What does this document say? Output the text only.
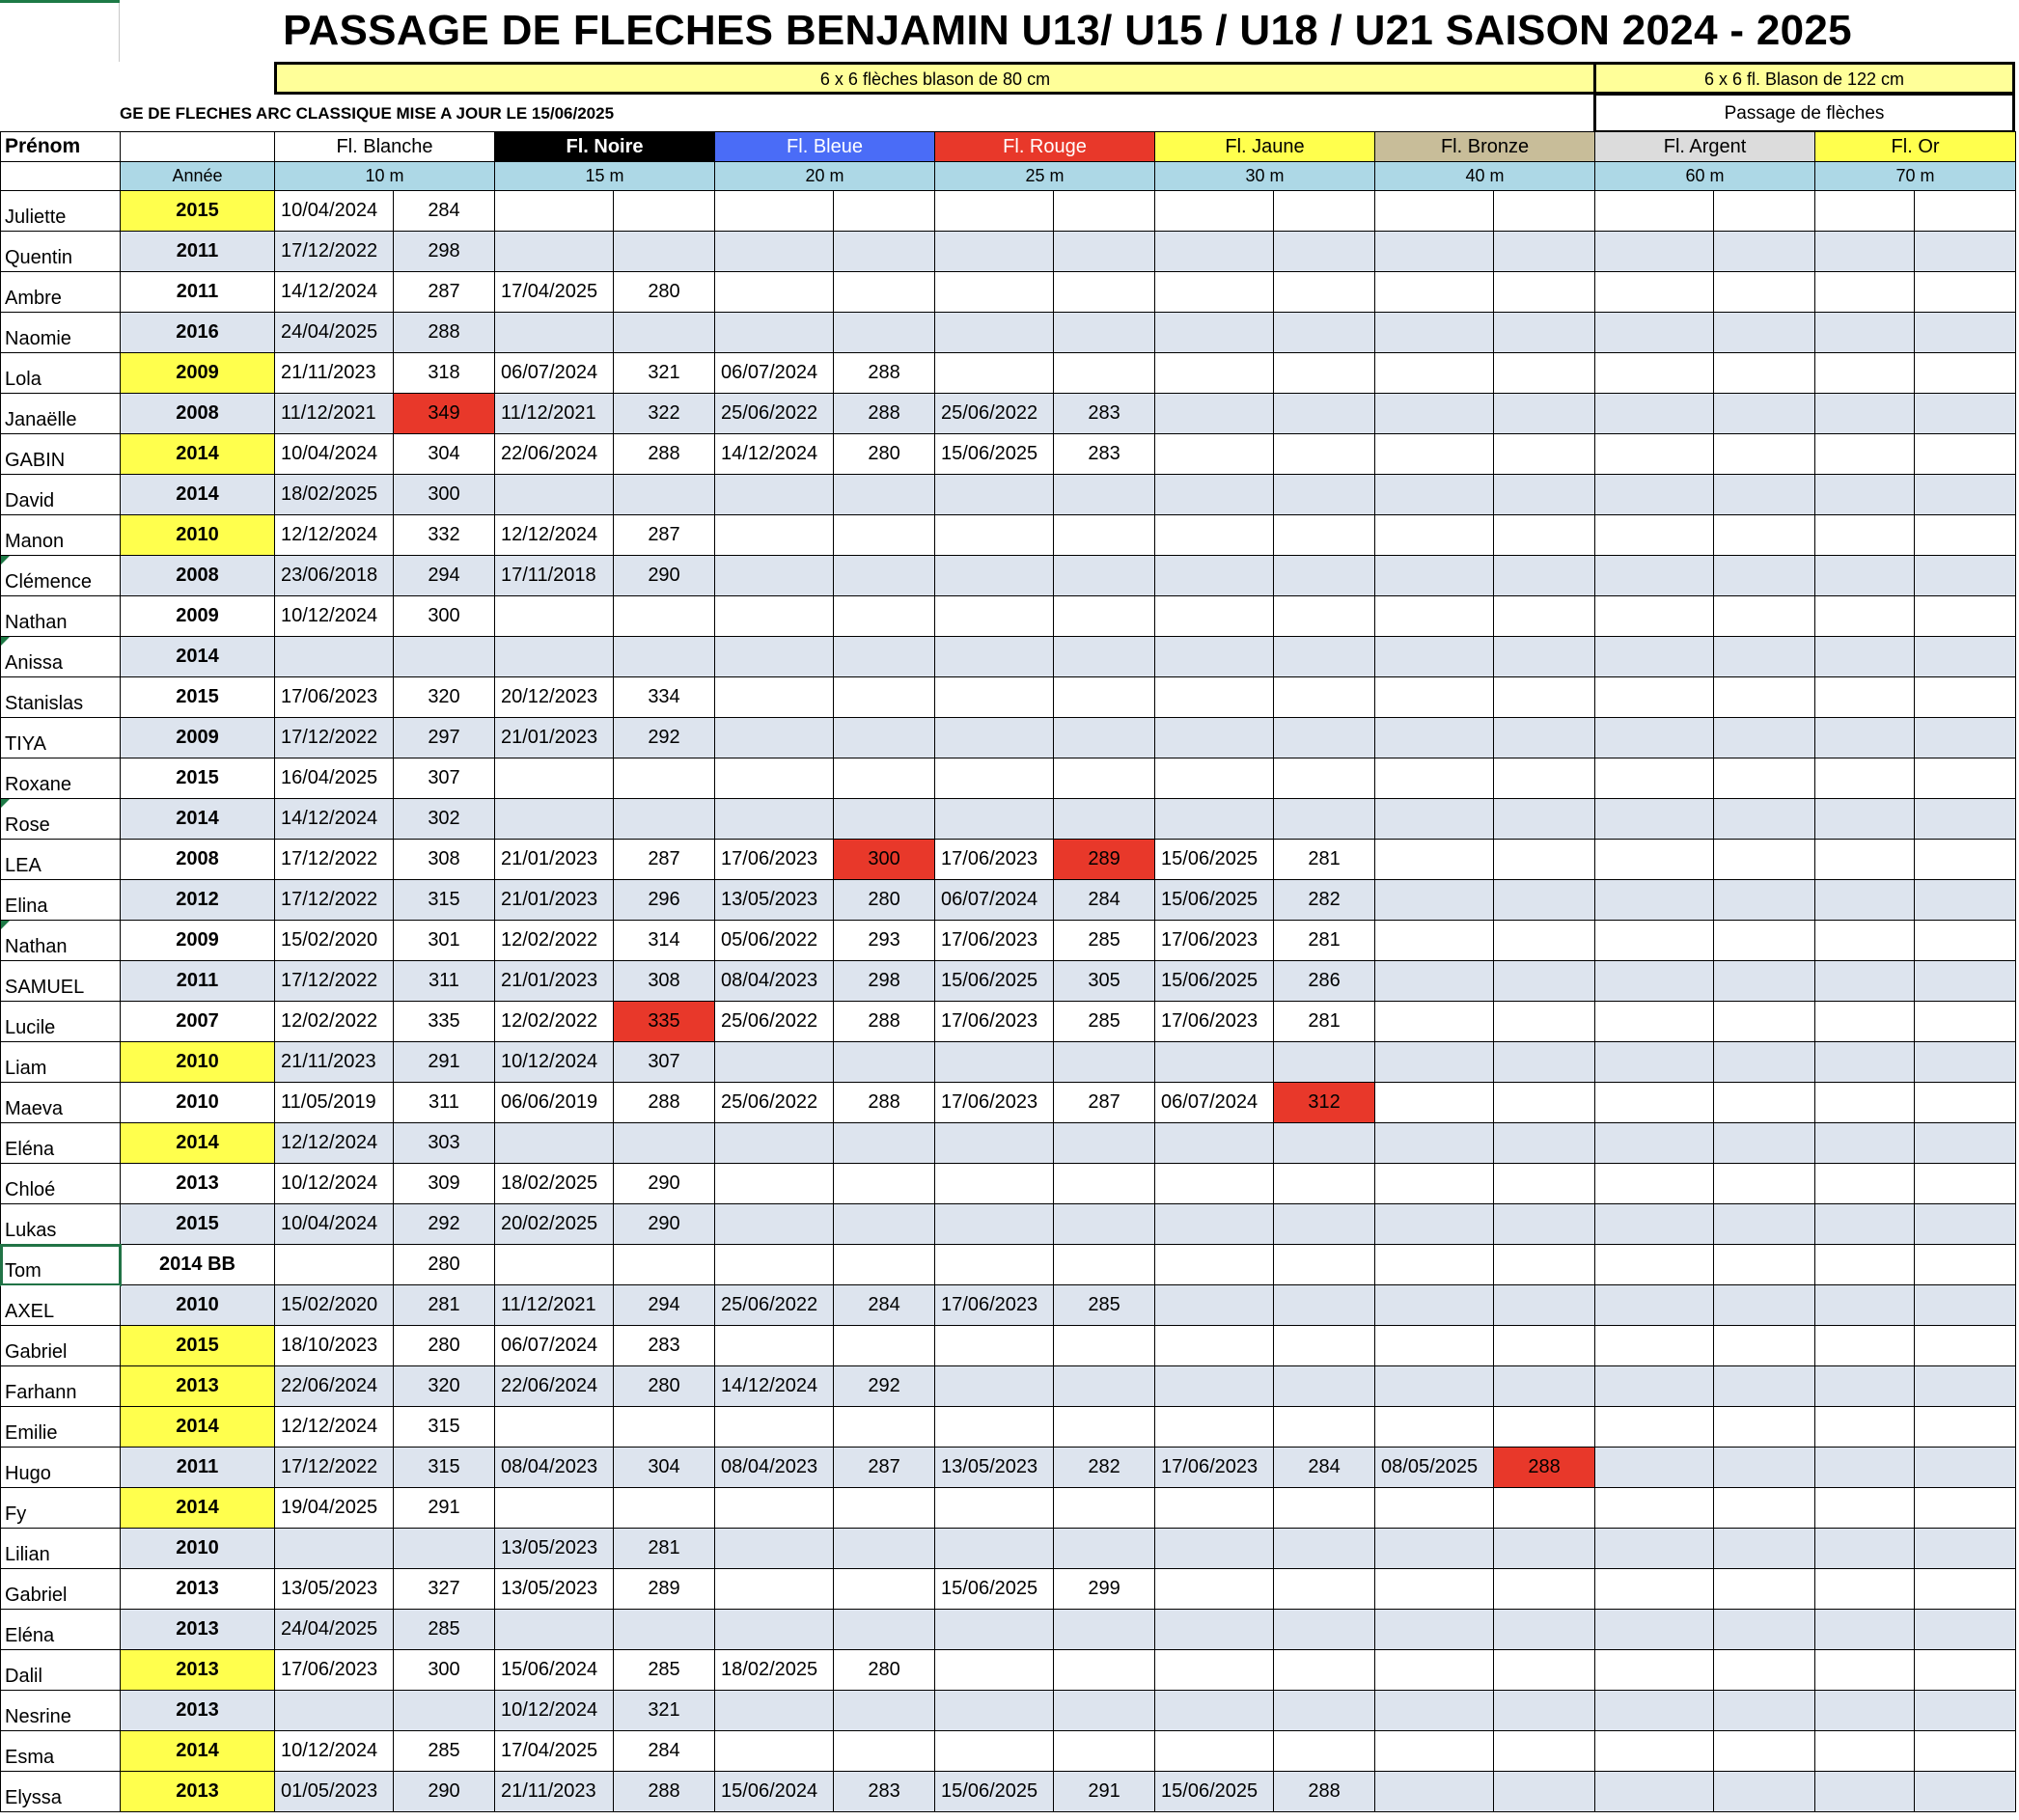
PASSAGE DE FLECHES BENJAMIN U13/ U15 / U18 / U21 SAISON 2024 - 2025
6 x 6 flèches blason de 80 cm	6 x 6 fl. Blason de 122 cm
Passage de flèches
GE DE FLECHES ARC CLASSIQUE MISE A JOUR LE 15/06/2025
Prénom		Fl. Blanche		Fl. Noire		Fl. Bleue		Fl. Rouge		Fl. Jaune		Fl. Bronze		Fl. Argent		Fl. Or	
	Année	10 m		15 m		20 m		25 m		30 m		40 m		60 m		70 m	
Juliette	2015	10/04/2024	284														
Quentin	2011	17/12/2022	298														
Ambre	2011	14/12/2024	287	17/04/2025	280												
Naomie	2016	24/04/2025	288														
Lola	2009	21/11/2023	318	06/07/2024	321	06/07/2024	288										
Janaëlle	2008	11/12/2021	349	11/12/2021	322	25/06/2022	288	25/06/2022	283								
GABIN	2014	10/04/2024	304	22/06/2024	288	14/12/2024	280	15/06/2025	283								
David	2014	18/02/2025	300														
Manon	2010	12/12/2024	332	12/12/2024	287												
Clémence	2008	23/06/2018	294	17/11/2018	290												
Nathan	2009	10/12/2024	300														
Anissa	2014																
Stanislas	2015	17/06/2023	320	20/12/2023	334												
TIYA	2009	17/12/2022	297	21/01/2023	292												
Roxane	2015	16/04/2025	307														
Rose	2014	14/12/2024	302														
LEA	2008	17/12/2022	308	21/01/2023	287	17/06/2023	300	17/06/2023	289	15/06/2025	281						
Elina	2012	17/12/2022	315	21/01/2023	296	13/05/2023	280	06/07/2024	284	15/06/2025	282						
Nathan	2009	15/02/2020	301	12/02/2022	314	05/06/2022	293	17/06/2023	285	17/06/2023	281						
SAMUEL	2011	17/12/2022	311	21/01/2023	308	08/04/2023	298	15/06/2025	305	15/06/2025	286						
Lucile	2007	12/02/2022	335	12/02/2022	335	25/06/2022	288	17/06/2023	285	17/06/2023	281						
Liam	2010	21/11/2023	291	10/12/2024	307												
Maeva	2010	11/05/2019	311	06/06/2019	288	25/06/2022	288	17/06/2023	287	06/07/2024	312						
Eléna	2014	12/12/2024	303														
Chloé	2013	10/12/2024	309	18/02/2025	290												
Lukas	2015	10/04/2024	292	20/02/2025	290												
Tom	2014 BB		280														
AXEL	2010	15/02/2020	281	11/12/2021	294	25/06/2022	284	17/06/2023	285								
Gabriel	2015	18/10/2023	280	06/07/2024	283												
Farhann	2013	22/06/2024	320	22/06/2024	280	14/12/2024	292										
Emilie	2014	12/12/2024	315														
Hugo	2011	17/12/2022	315	08/04/2023	304	08/04/2023	287	13/05/2023	282	17/06/2023	284	08/05/2025	288				
Fy	2014	19/04/2025	291														
Lilian	2010			13/05/2023	281												
Gabriel	2013	13/05/2023	327	13/05/2023	289			15/06/2025	299								
Eléna	2013	24/04/2025	285														
Dalil	2013	17/06/2023	300	15/06/2024	285	18/02/2025	280										
Nesrine	2013			10/12/2024	321												
Esma	2014	10/12/2024	285	17/04/2025	284												
Elyssa	2013	01/05/2023	290	21/11/2023	288	15/06/2024	283	15/06/2025	291	15/06/2025	288						
